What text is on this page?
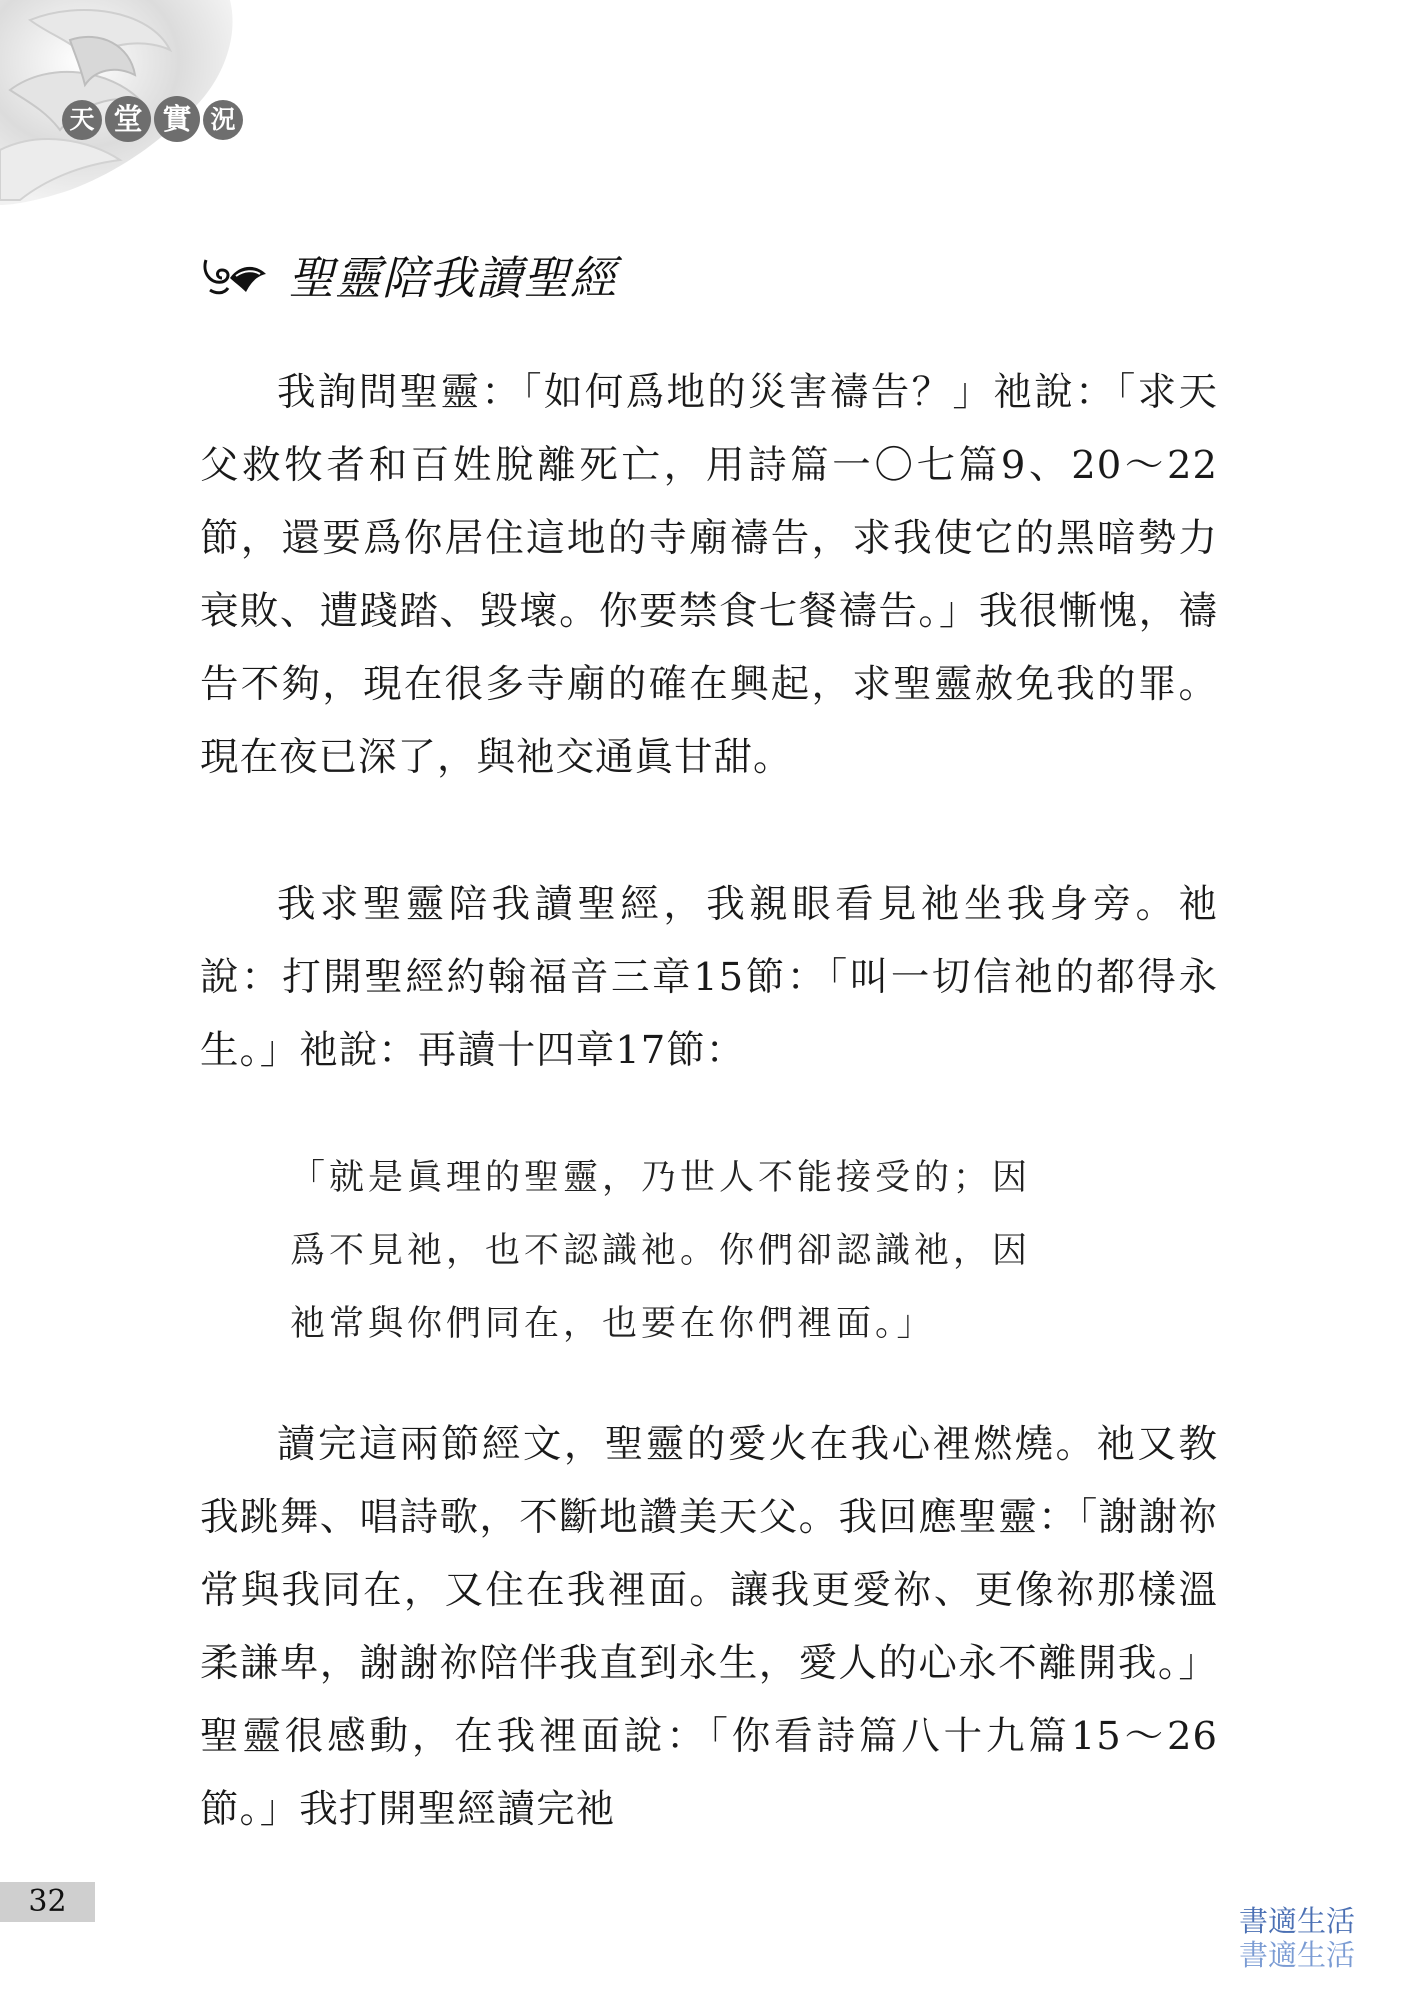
天 堂 實 況
聖靈陪我讀聖經

我詢問聖靈：「如何爲地的災害禱告？」祂說：「求天父救牧者和百姓脫離死亡，用詩篇一〇七篇9、20～22節，還要爲你居住這地的寺廟禱告，求我使它的黑暗勢力衰敗、遭踐踏、毀壞。你要禁食七餐禱告。」我很慚愧，禱告不夠，現在很多寺廟的確在興起，求聖靈赦免我的罪。現在夜已深了，與祂交通眞甘甜。

我求聖靈陪我讀聖經，我親眼看見祂坐我身旁。祂說：打開聖經約翰福音三章15節：「叫一切信祂的都得永生。」祂說：再讀十四章17節：

「就是眞理的聖靈，乃世人不能接受的；因
爲不見祂，也不認識祂。你們卻認識祂，因
祂常與你們同在，也要在你們裡面。」

讀完這兩節經文，聖靈的愛火在我心裡燃燒。祂又教我跳舞、唱詩歌，不斷地讚美天父。我回應聖靈：「謝謝祢常與我同在，又住在我裡面。讓我更愛祢、更像祢那樣溫柔謙卑，謝謝祢陪伴我直到永生，愛人的心永不離開我。」聖靈很感動，在我裡面說：「你看詩篇八十九篇15～26節。」我打開聖經讀完祂

32
書適生活
書適生活
